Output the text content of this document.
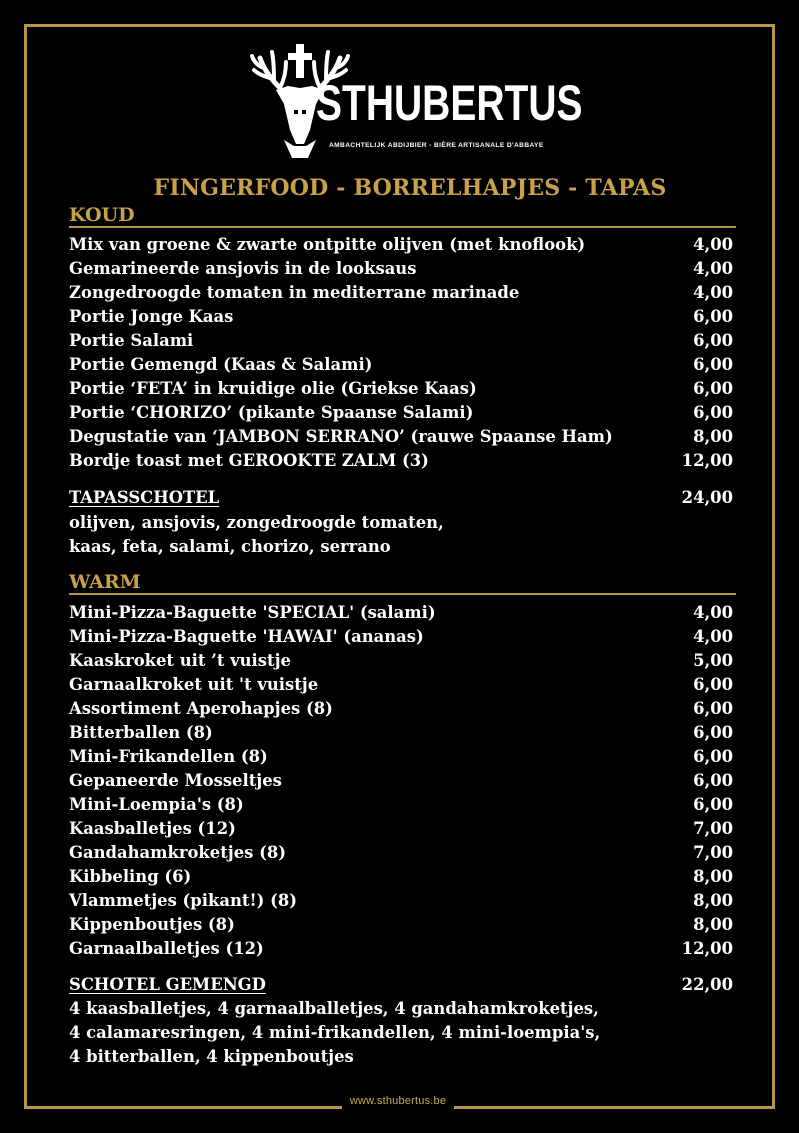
www.sthubertus.be
STHUBERTUS
AMBACHTELIJK ABDIJBIER - BIÈRE ARTISANALE D'ABBAYE
FINGERFOOD - BORRELHAPJES - TAPAS
KOUD
Mix van groene & zwarte ontpitte olijven (met knoflook)	4,00
Gemarineerde ansjovis in de looksaus	4,00
Zongedroogde tomaten in mediterrane marinade	4,00
Portie Jonge Kaas	6,00
Portie Salami	6,00
Portie Gemengd (Kaas & Salami)	6,00
Portie ‘FETA’ in kruidige olie (Griekse Kaas)	6,00
Portie ‘CHORIZO’ (pikante Spaanse Salami)	6,00
Degustatie van ‘JAMBON SERRANO’ (rauwe Spaanse Ham)	8,00
Bordje toast met GEROOKTE ZALM (3)	12,00
TAPASSCHOTEL	24,00
olijven, ansjovis, zongedroogde tomaten,
kaas, feta, salami, chorizo, serrano
WARM
Mini-Pizza-Baguette 'SPECIAL' (salami)	4,00
Mini-Pizza-Baguette 'HAWAI' (ananas)	4,00
Kaaskroket uit ’t vuistje	5,00
Garnaalkroket uit 't vuistje	6,00
Assortiment Aperohapjes (8)	6,00
Bitterballen (8)	6,00
Mini-Frikandellen (8)	6,00
Gepaneerde Mosseltjes	6,00
Mini-Loempia's (8)	6,00
Kaasballetjes (12)	7,00
Gandahamkroketjes (8)	7,00
Kibbeling (6)	8,00
Vlammetjes (pikant!) (8)	8,00
Kippenboutjes (8)	8,00
Garnaalballetjes (12)	12,00
SCHOTEL GEMENGD	22,00
4 kaasballetjes, 4 garnaalballetjes, 4 gandahamkroketjes,
4 calamaresringen, 4 mini-frikandellen, 4 mini-loempia's,
4 bitterballen, 4 kippenboutjes
